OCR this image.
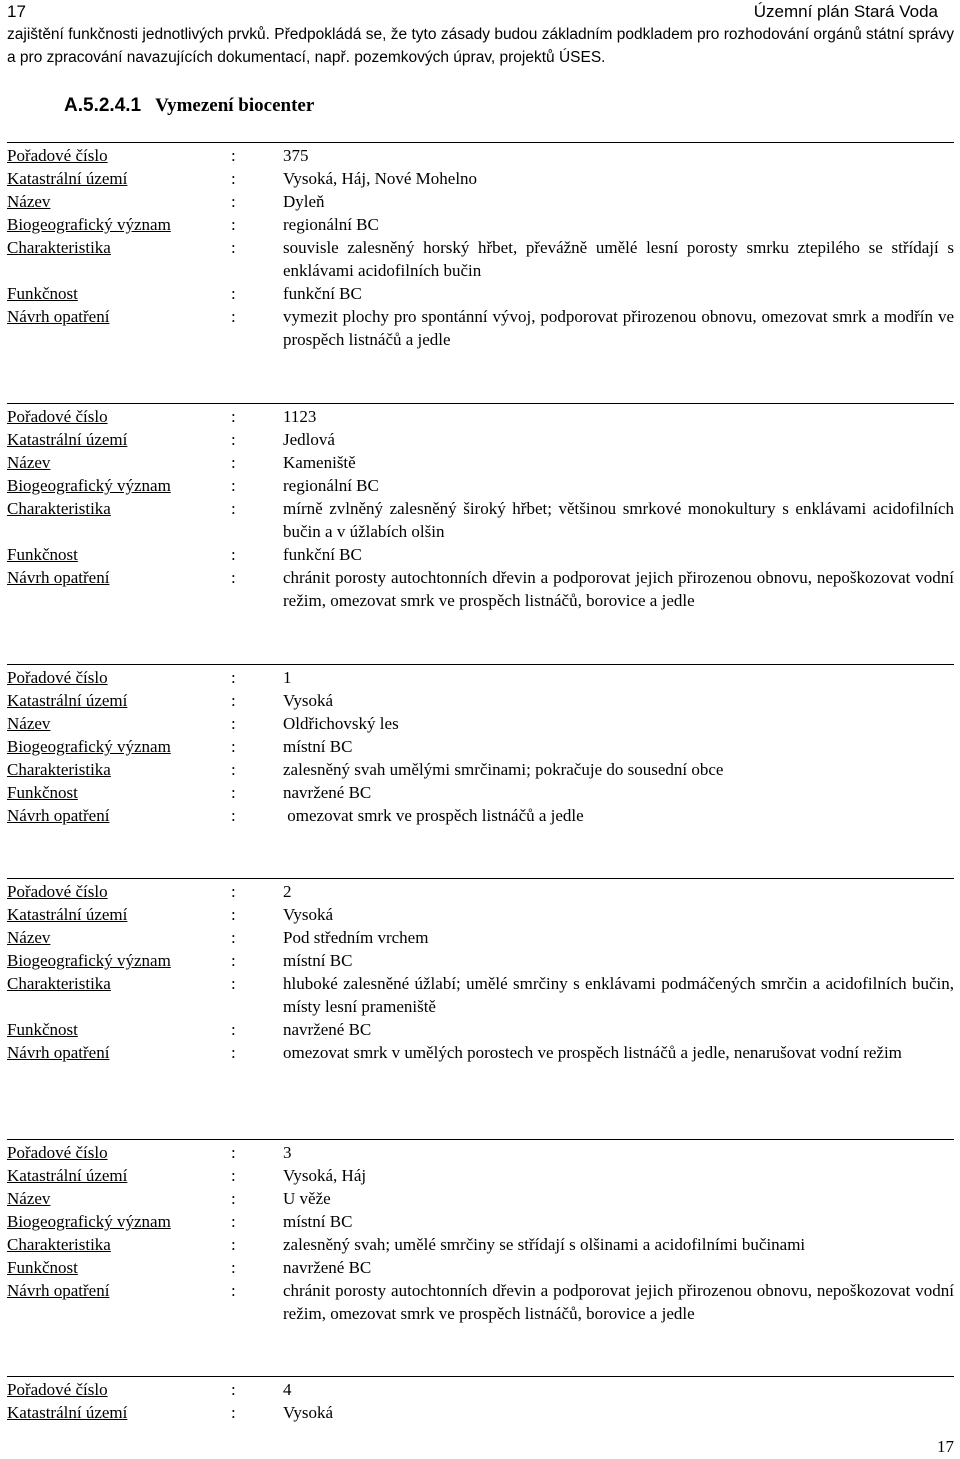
17	Územní plán Stará Voda
zajištění funkčnosti jednotlivých prvků. Předpokládá se, že tyto zásady budou základním podkladem pro rozhodování orgánů státní správy a pro zpracování navazujících dokumentací, např. pozemkových úprav, projektů ÚSES.
A.5.2.4.1 Vymezení biocenter
Pořadové číslo	:	375
Katastrální území	:	Vysoká, Háj, Nové Mohelno
Název	:	Dyleň
Biogeografický význam	:	regionální BC
Charakteristika	:	souvisle zalesněný horský hřbet, převážně umělé lesní porosty smrku ztepilého se střídají s enklávami acidofilních bučin
Funkčnost	:	funkční BC
Návrh opatření	:	vymezit plochy pro spontánní vývoj, podporovat přirozenou obnovu, omezovat smrk a modřín ve prospěch listnáčů a jedle
Pořadové číslo	:	1123
Katastrální území	:	Jedlová
Název	:	Kameniště
Biogeografický význam	:	regionální BC
Charakteristika	:	mírně zvlněný zalesněný široký hřbet; většinou smrkové monokultury s enklávami acidofilních bučin a v úžlabích olšin
Funkčnost	:	funkční BC
Návrh opatření	:	chránit porosty autochtonních dřevin a podporovat jejich přirozenou obnovu, nepoškozovat vodní režim, omezovat smrk ve prospěch listnáčů, borovice a jedle
Pořadové číslo	:	1
Katastrální území	:	Vysoká
Název	:	Oldřichovský les
Biogeografický význam	:	místní BC
Charakteristika	:	zalesněný svah umělými smrčinami; pokračuje do sousední obce
Funkčnost	:	navržené BC
Návrh opatření	:	omezovat smrk ve prospěch listnáčů a jedle
Pořadové číslo	:	2
Katastrální území	:	Vysoká
Název	:	Pod středním vrchem
Biogeografický význam	:	místní BC
Charakteristika	:	hluboké zalesněné úžlabí; umělé smrčiny s enklávami podmáčených smrčin a acidofilních bučin, místy lesní prameniště
Funkčnost	:	navržené BC
Návrh opatření	:	omezovat smrk v umělých porostech ve prospěch listnáčů a jedle, nenarušovat vodní režim
Pořadové číslo	:	3
Katastrální území	:	Vysoká, Háj
Název	:	U věže
Biogeografický význam	:	místní BC
Charakteristika	:	zalesněný svah; umělé smrčiny se střídají s olšinami a acidofilními bučinami
Funkčnost	:	navržené BC
Návrh opatření	:	chránit porosty autochtonních dřevin a podporovat jejich přirozenou obnovu, nepoškozovat vodní režim, omezovat smrk ve prospěch listnáčů, borovice a jedle
Pořadové číslo	:	4
Katastrální území	:	Vysoká
17
